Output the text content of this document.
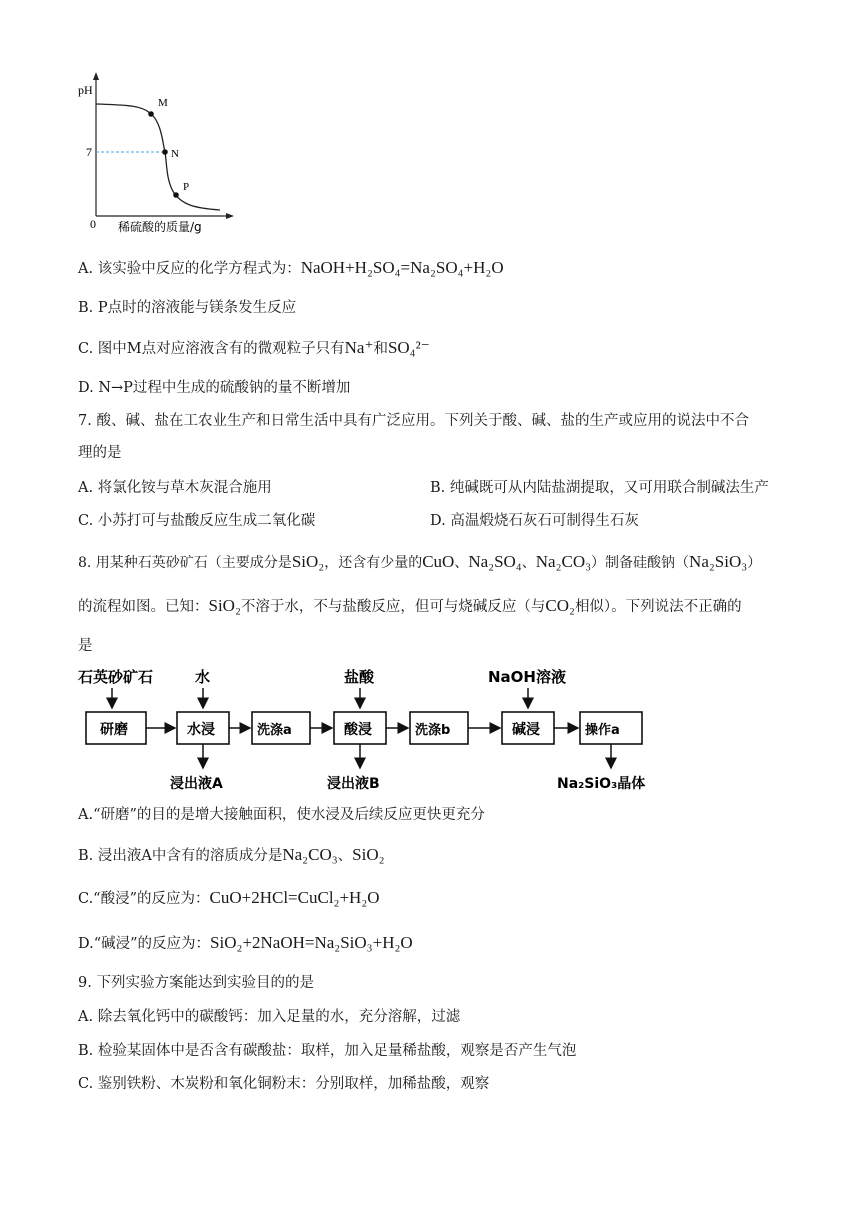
pH
7
0
M
N
P
稀硫酸的质量/g
A. 该实验中反应的化学方程式为：NaOH+H₂SO₄=Na₂SO₄+H₂O
B. P点时的溶液能与镁条发生反应
C. 图中M点对应溶液含有的微观粒子只有Na⁺和SO₄²⁻
D. N→P过程中生成的硫酸钠的量不断增加
7. 酸、碱、盐在工农业生产和日常生活中具有广泛应用。下列关于酸、碱、盐的生产或应用的说法中不合
理的是
A. 将氯化铵与草木灰混合施用	B. 纯碱既可从内陆盐湖提取，又可用联合制碱法生产
C. 小苏打可与盐酸反应生成二氧化碳	D. 高温煅烧石灰石可制得生石灰
8. 用某种石英砂矿石（主要成分是SiO₂，还含有少量的CuO、Na₂SO₄、Na₂CO₃）制备硅酸钠（Na₂SiO₃）
的流程如图。已知：SiO₂不溶于水，不与盐酸反应，但可与烧碱反应（与CO₂相似）。下列说法不正确的
是
石英砂矿石	水	盐酸	NaOH溶液
研磨	水浸	洗涤a	酸浸	洗涤b	碱浸	操作a
浸出液A	浸出液B	Na₂SiO₃晶体
A.“研磨”的目的是增大接触面积，使水浸及后续反应更快更充分
B. 浸出液A中含有的溶质成分是Na₂CO₃、SiO₂
C.“酸浸”的反应为：CuO+2HCl=CuCl₂+H₂O
D.“碱浸”的反应为：SiO₂+2NaOH=Na₂SiO₃+H₂O
9. 下列实验方案能达到实验目的的是
A. 除去氧化钙中的碳酸钙：加入足量的水，充分溶解，过滤
B. 检验某固体中是否含有碳酸盐：取样，加入足量稀盐酸，观察是否产生气泡
C. 鉴别铁粉、木炭粉和氧化铜粉末：分别取样，加稀盐酸，观察
